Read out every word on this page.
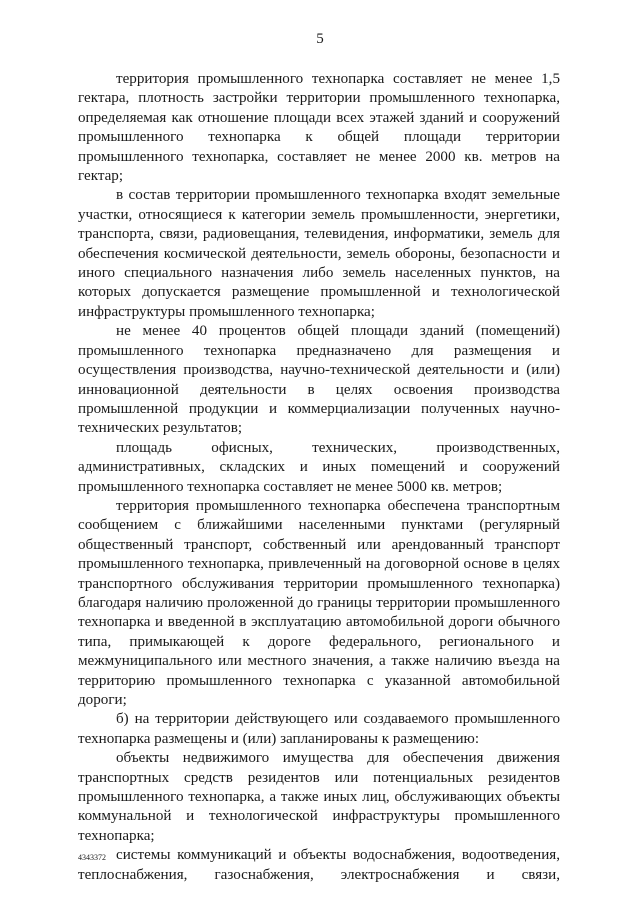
5

территория промышленного технопарка составляет не менее 1,5 гектара, плотность застройки территории промышленного технопарка, определяемая как отношение площади всех этажей зданий и сооружений промышленного технопарка к общей площади территории промышленного технопарка, составляет не менее 2000 кв. метров на гектар;

в состав территории промышленного технопарка входят земельные участки, относящиеся к категории земель промышленности, энергетики, транспорта, связи, радиовещания, телевидения, информатики, земель для обеспечения космической деятельности, земель обороны, безопасности и иного специального назначения либо земель населенных пунктов, на которых допускается размещение промышленной и технологической инфраструктуры промышленного технопарка;

не менее 40 процентов общей площади зданий (помещений) промышленного технопарка предназначено для размещения и осуществления производства, научно-технической деятельности и (или) инновационной деятельности в целях освоения производства промышленной продукции и коммерциализации полученных научно-технических результатов;

площадь офисных, технических, производственных, административных, складских и иных помещений и сооружений промышленного технопарка составляет не менее 5000 кв. метров;

территория промышленного технопарка обеспечена транспортным сообщением с ближайшими населенными пунктами (регулярный общественный транспорт, собственный или арендованный транспорт промышленного технопарка, привлеченный на договорной основе в целях транспортного обслуживания территории промышленного технопарка) благодаря наличию проложенной до границы территории промышленного технопарка и введенной в эксплуатацию автомобильной дороги обычного типа, примыкающей к дороге федерального, регионального и межмуниципального или местного значения, а также наличию въезда на территорию промышленного технопарка с указанной автомобильной дороги;

б) на территории действующего или создаваемого промышленного технопарка размещены и (или) запланированы к размещению:

объекты недвижимого имущества для обеспечения движения транспортных средств резидентов или потенциальных резидентов промышленного технопарка, а также иных лиц, обслуживающих объекты коммунальной и технологической инфраструктуры промышленного технопарка;

системы коммуникаций и объекты водоснабжения, водоотведения, теплоснабжения, газоснабжения, электроснабжения и связи,

4343372
